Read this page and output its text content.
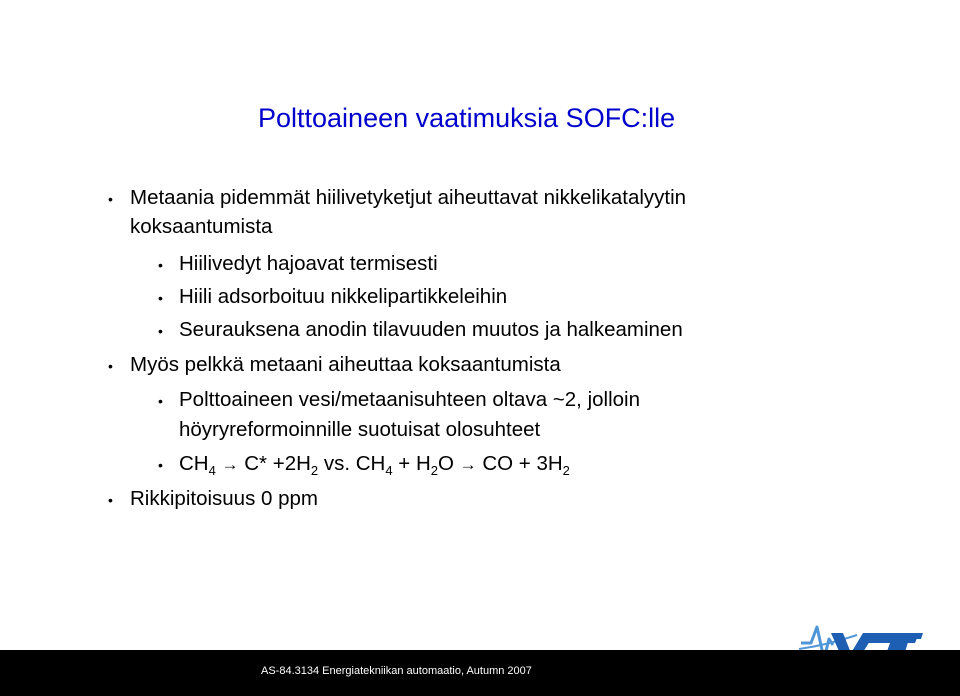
Polttoaineen vaatimuksia SOFC:lle
• Metaania pidemmät hiilivetyketjut aiheuttavat nikkelikatalyytin
koksaantumista
• Hiilivedyt hajoavat termisesti
• Hiili adsorboituu nikkelipartikkeleihin
• Seurauksena anodin tilavuuden muutos ja halkeaminen
• Myös pelkkä metaani aiheuttaa koksaantumista
• Polttoaineen vesi/metaanisuhteen oltava ~2, jolloin
höyryreformoinnille suotuisat olosuhteet
• $CH_4 \to C* +2H_2$ vs. $CH_4 + H_2O$ → CO + $3H_2$
• Rikkipitoisuus 0 ppm
AS-84.3134 Energiatekniikan automaatio, Autumn 2007
